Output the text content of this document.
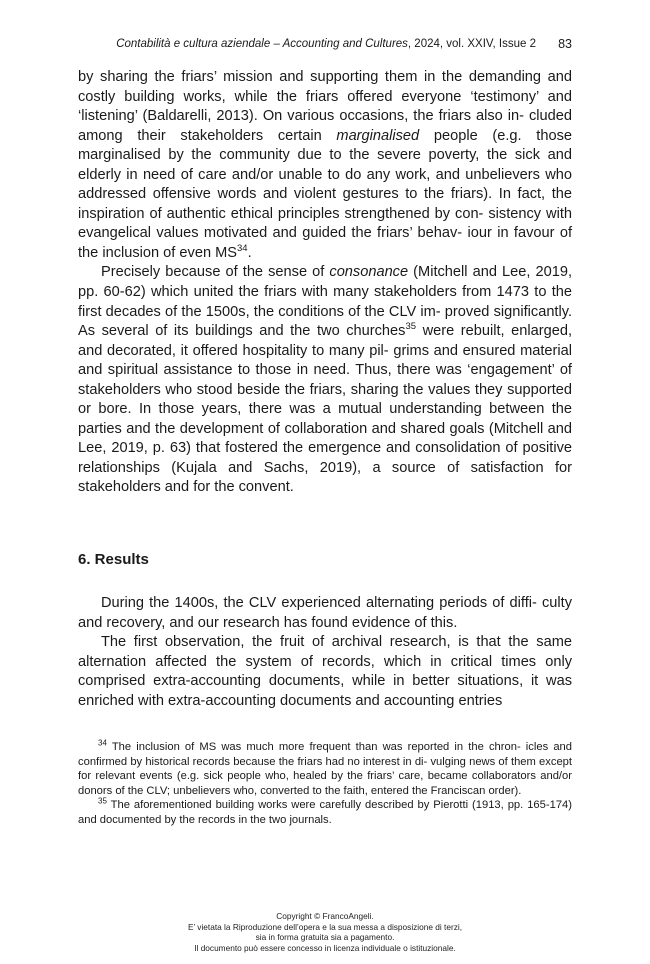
Contabilità e cultura aziendale – Accounting and Cultures, 2024, vol. XXIV, Issue 2 83

by sharing the friars’ mission and supporting them in the demanding and costly building works, while the friars offered everyone ‘testimony’ and ‘listening’ (Baldarelli, 2013). On various occasions, the friars also in- cluded among their stakeholders certain marginalised people (e.g. those marginalised by the community due to the severe poverty, the sick and elderly in need of care and/or unable to do any work, and unbelievers who addressed offensive words and violent gestures to the friars). In fact, the inspiration of authentic ethical principles strengthened by con- sistency with evangelical values motivated and guided the friars’ behav- iour in favour of the inclusion of even MS$^{34}$.

Precisely because of the sense of consonance (Mitchell and Lee, 2019, pp. 60-62) which united the friars with many stakeholders from 1473 to the first decades of the 1500s, the conditions of the CLV im- proved significantly. As several of its buildings and the two churches$^{35}$ were rebuilt, enlarged, and decorated, it offered hospitality to many pil- grims and ensured material and spiritual assistance to those in need. Thus, there was ‘engagement’ of stakeholders who stood beside the friars, sharing the values they supported or bore. In those years, there was a mutual understanding between the parties and the development of collaboration and shared goals (Mitchell and Lee, 2019, p. 63) that fostered the emergence and consolidation of positive relationships (Kujala and Sachs, 2019), a source of satisfaction for stakeholders and for the convent.

6. Results

During the 1400s, the CLV experienced alternating periods of diffi- culty and recovery, and our research has found evidence of this.

The first observation, the fruit of archival research, is that the same alternation affected the system of records, which in critical times only comprised extra-accounting documents, while in better situations, it was enriched with extra-accounting documents and accounting entries

$^{34}$ The inclusion of MS was much more frequent than was reported in the chron- icles and confirmed by historical records because the friars had no interest in di- vulging news of them except for relevant events (e.g. sick people who, healed by the friars’ care, became collaborators and/or donors of the CLV; unbelievers who, converted to the faith, entered the Franciscan order).

$^{35}$ The aforementioned building works were carefully described by Pierotti (1913, pp. 165-174) and documented by the records in the two journals.

Copyright © FrancoAngeli.
E’ vietata la Riproduzione dell’opera e la sua messa a disposizione di terzi,
sia in forma gratuita sia a pagamento.
Il documento può essere concesso in licenza individuale o istituzionale.
